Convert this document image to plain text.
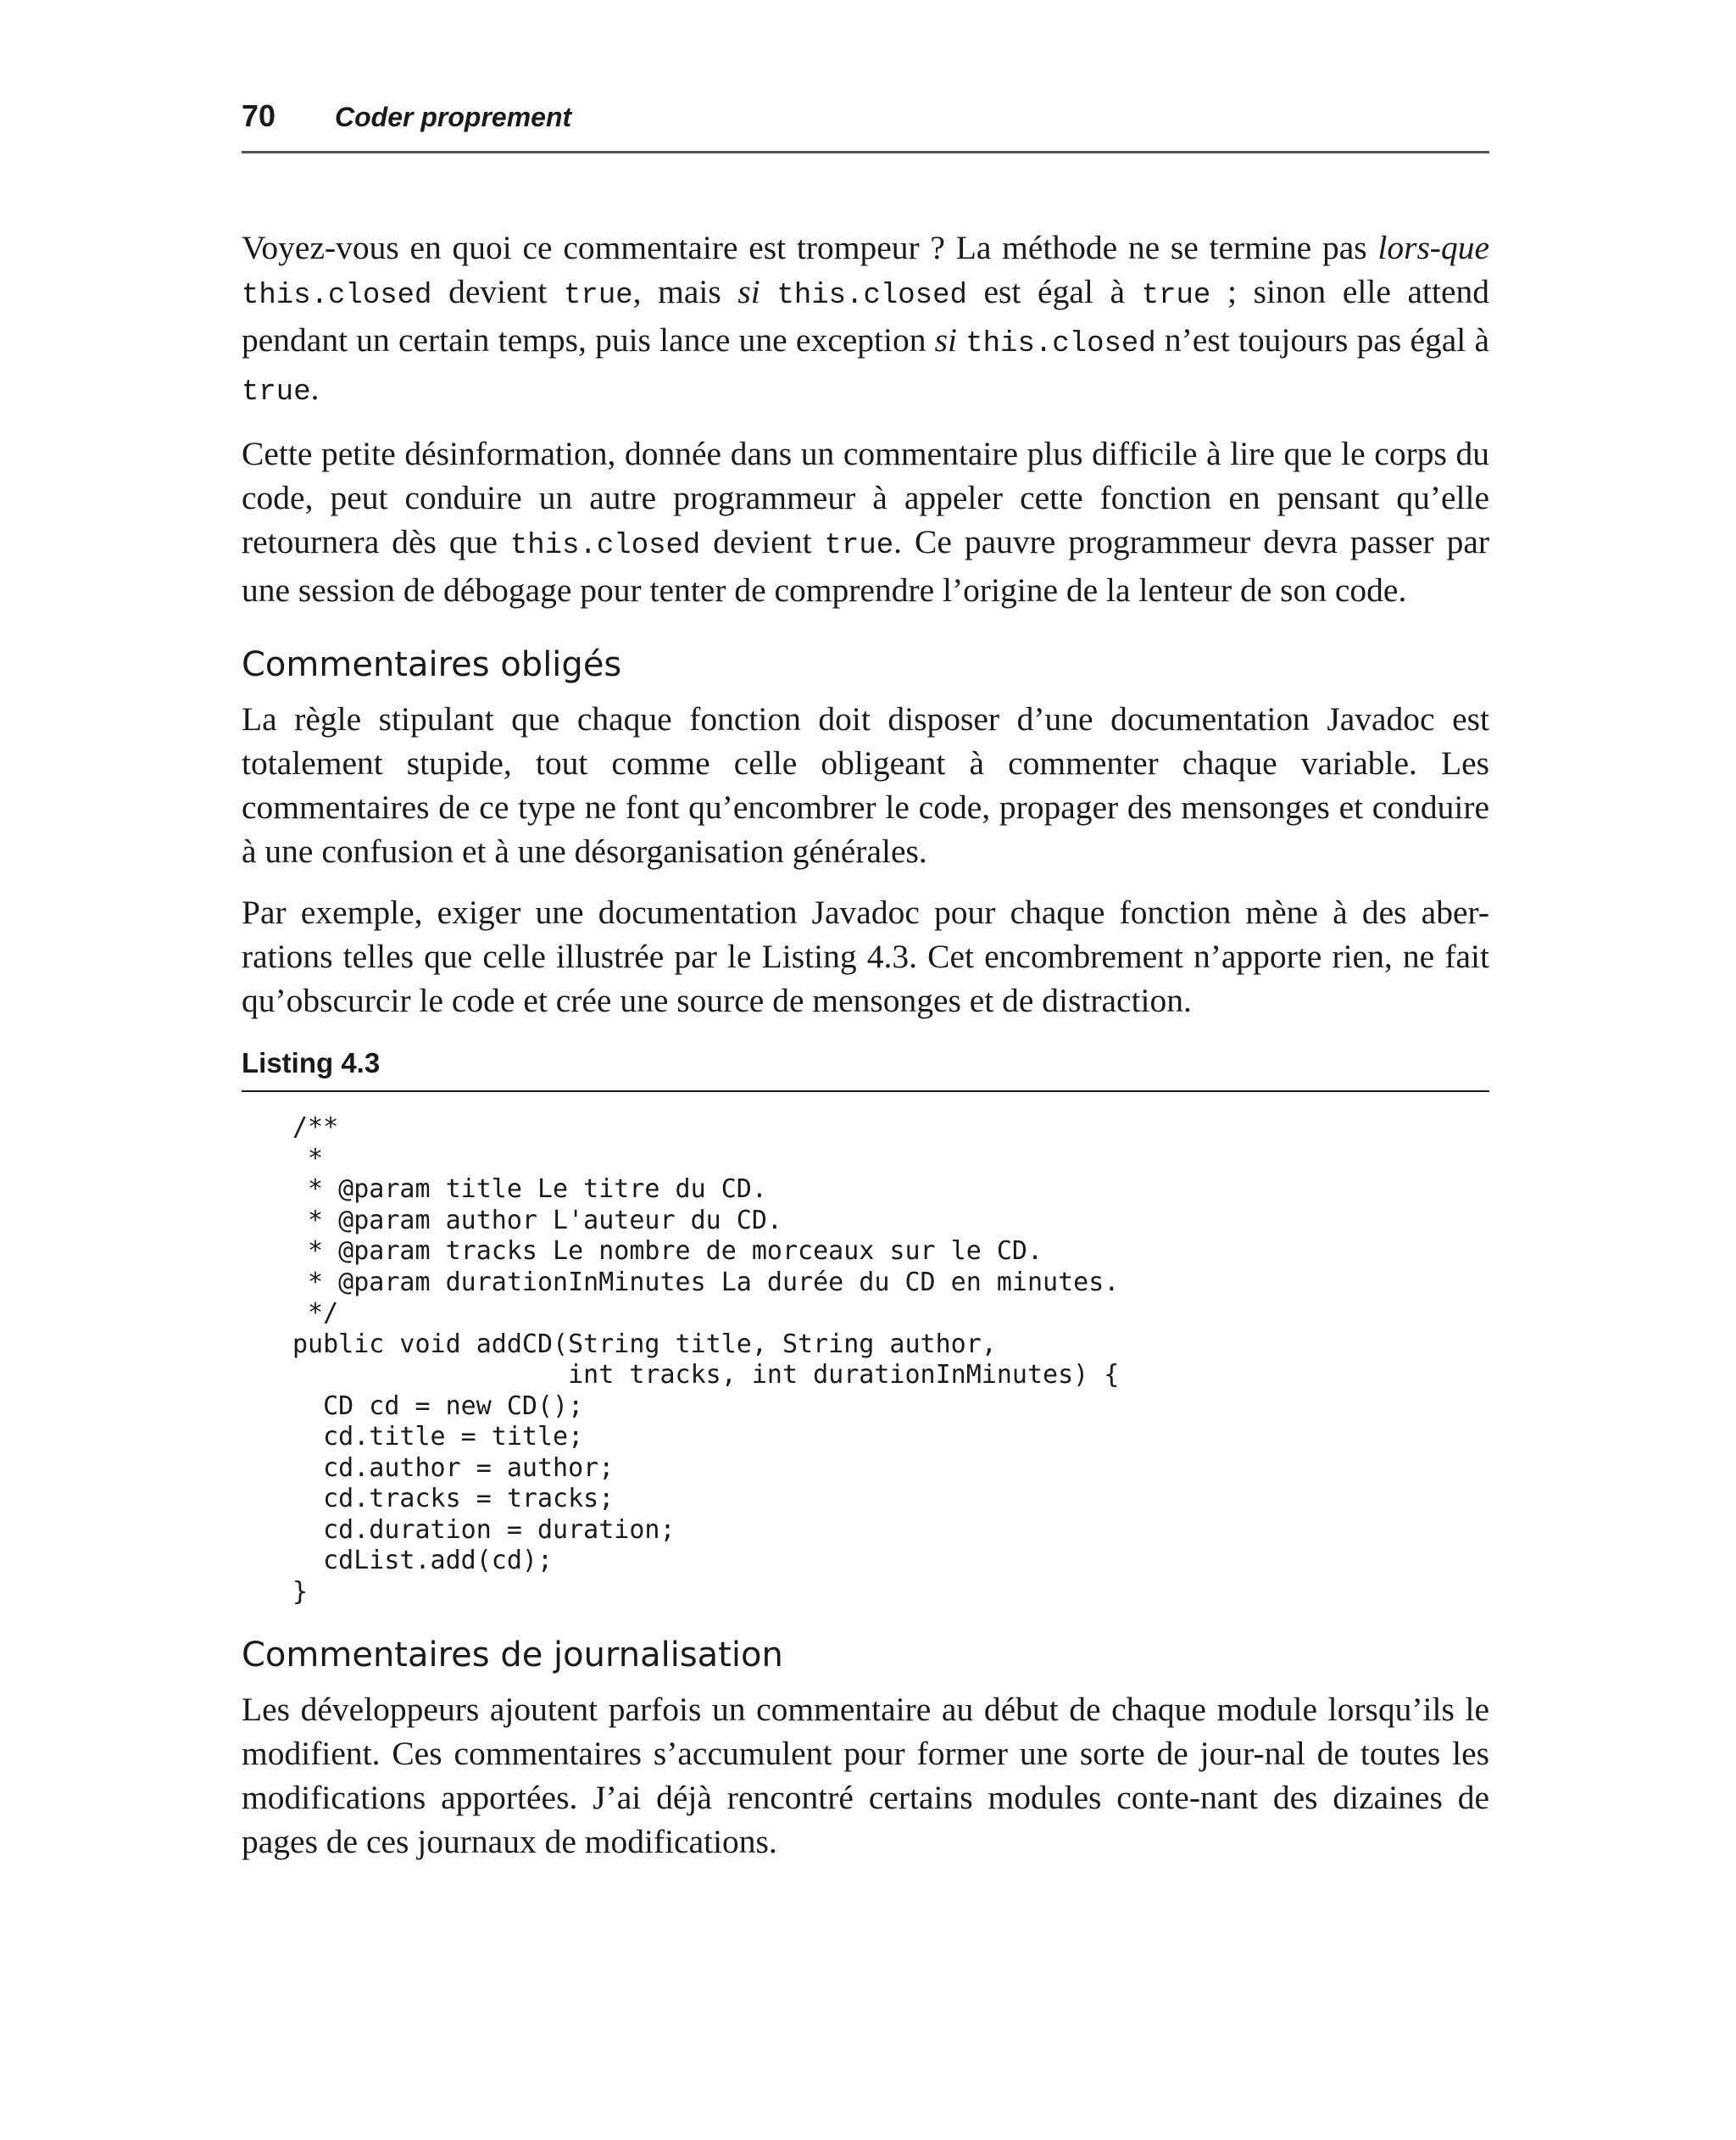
70	Coder proprement

Voyez-vous en quoi ce commentaire est trompeur ? La méthode ne se termine pas lors-que this.closed devient true, mais si this.closed est égal à true ; sinon elle attend pendant un certain temps, puis lance une exception si this.closed n’est toujours pas égal à true.

Cette petite désinformation, donnée dans un commentaire plus difficile à lire que le corps du code, peut conduire un autre programmeur à appeler cette fonction en pensant qu’elle retournera dès que this.closed devient true. Ce pauvre programmeur devra passer par une session de débogage pour tenter de comprendre l’origine de la lenteur de son code.

Commentaires obligés

La règle stipulant que chaque fonction doit disposer d’une documentation Javadoc est totalement stupide, tout comme celle obligeant à commenter chaque variable. Les commentaires de ce type ne font qu’encombrer le code, propager des mensonges et conduire à une confusion et à une désorganisation générales.

Par exemple, exiger une documentation Javadoc pour chaque fonction mène à des aber-rations telles que celle illustrée par le Listing 4.3. Cet encombrement n’apporte rien, ne fait qu’obscurcir le code et crée une source de mensonges et de distraction.

Listing 4.3
/**
*
* @param title Le titre du CD.
* @param author L'auteur du CD.
* @param tracks Le nombre de morceaux sur le CD.
* @param durationInMinutes La durée du CD en minutes.
*/
public void addCD(String title, String author,
int tracks, int durationInMinutes) {
CD cd = new CD();
cd.title = title;
cd.author = author;
cd.tracks = tracks;
cd.duration = duration;
cdList.add(cd);
}
Commentaires de journalisation

Les développeurs ajoutent parfois un commentaire au début de chaque module lorsqu’ils le modifient. Ces commentaires s’accumulent pour former une sorte de jour-nal de toutes les modifications apportées. J’ai déjà rencontré certains modules conte-nant des dizaines de pages de ces journaux de modifications.
